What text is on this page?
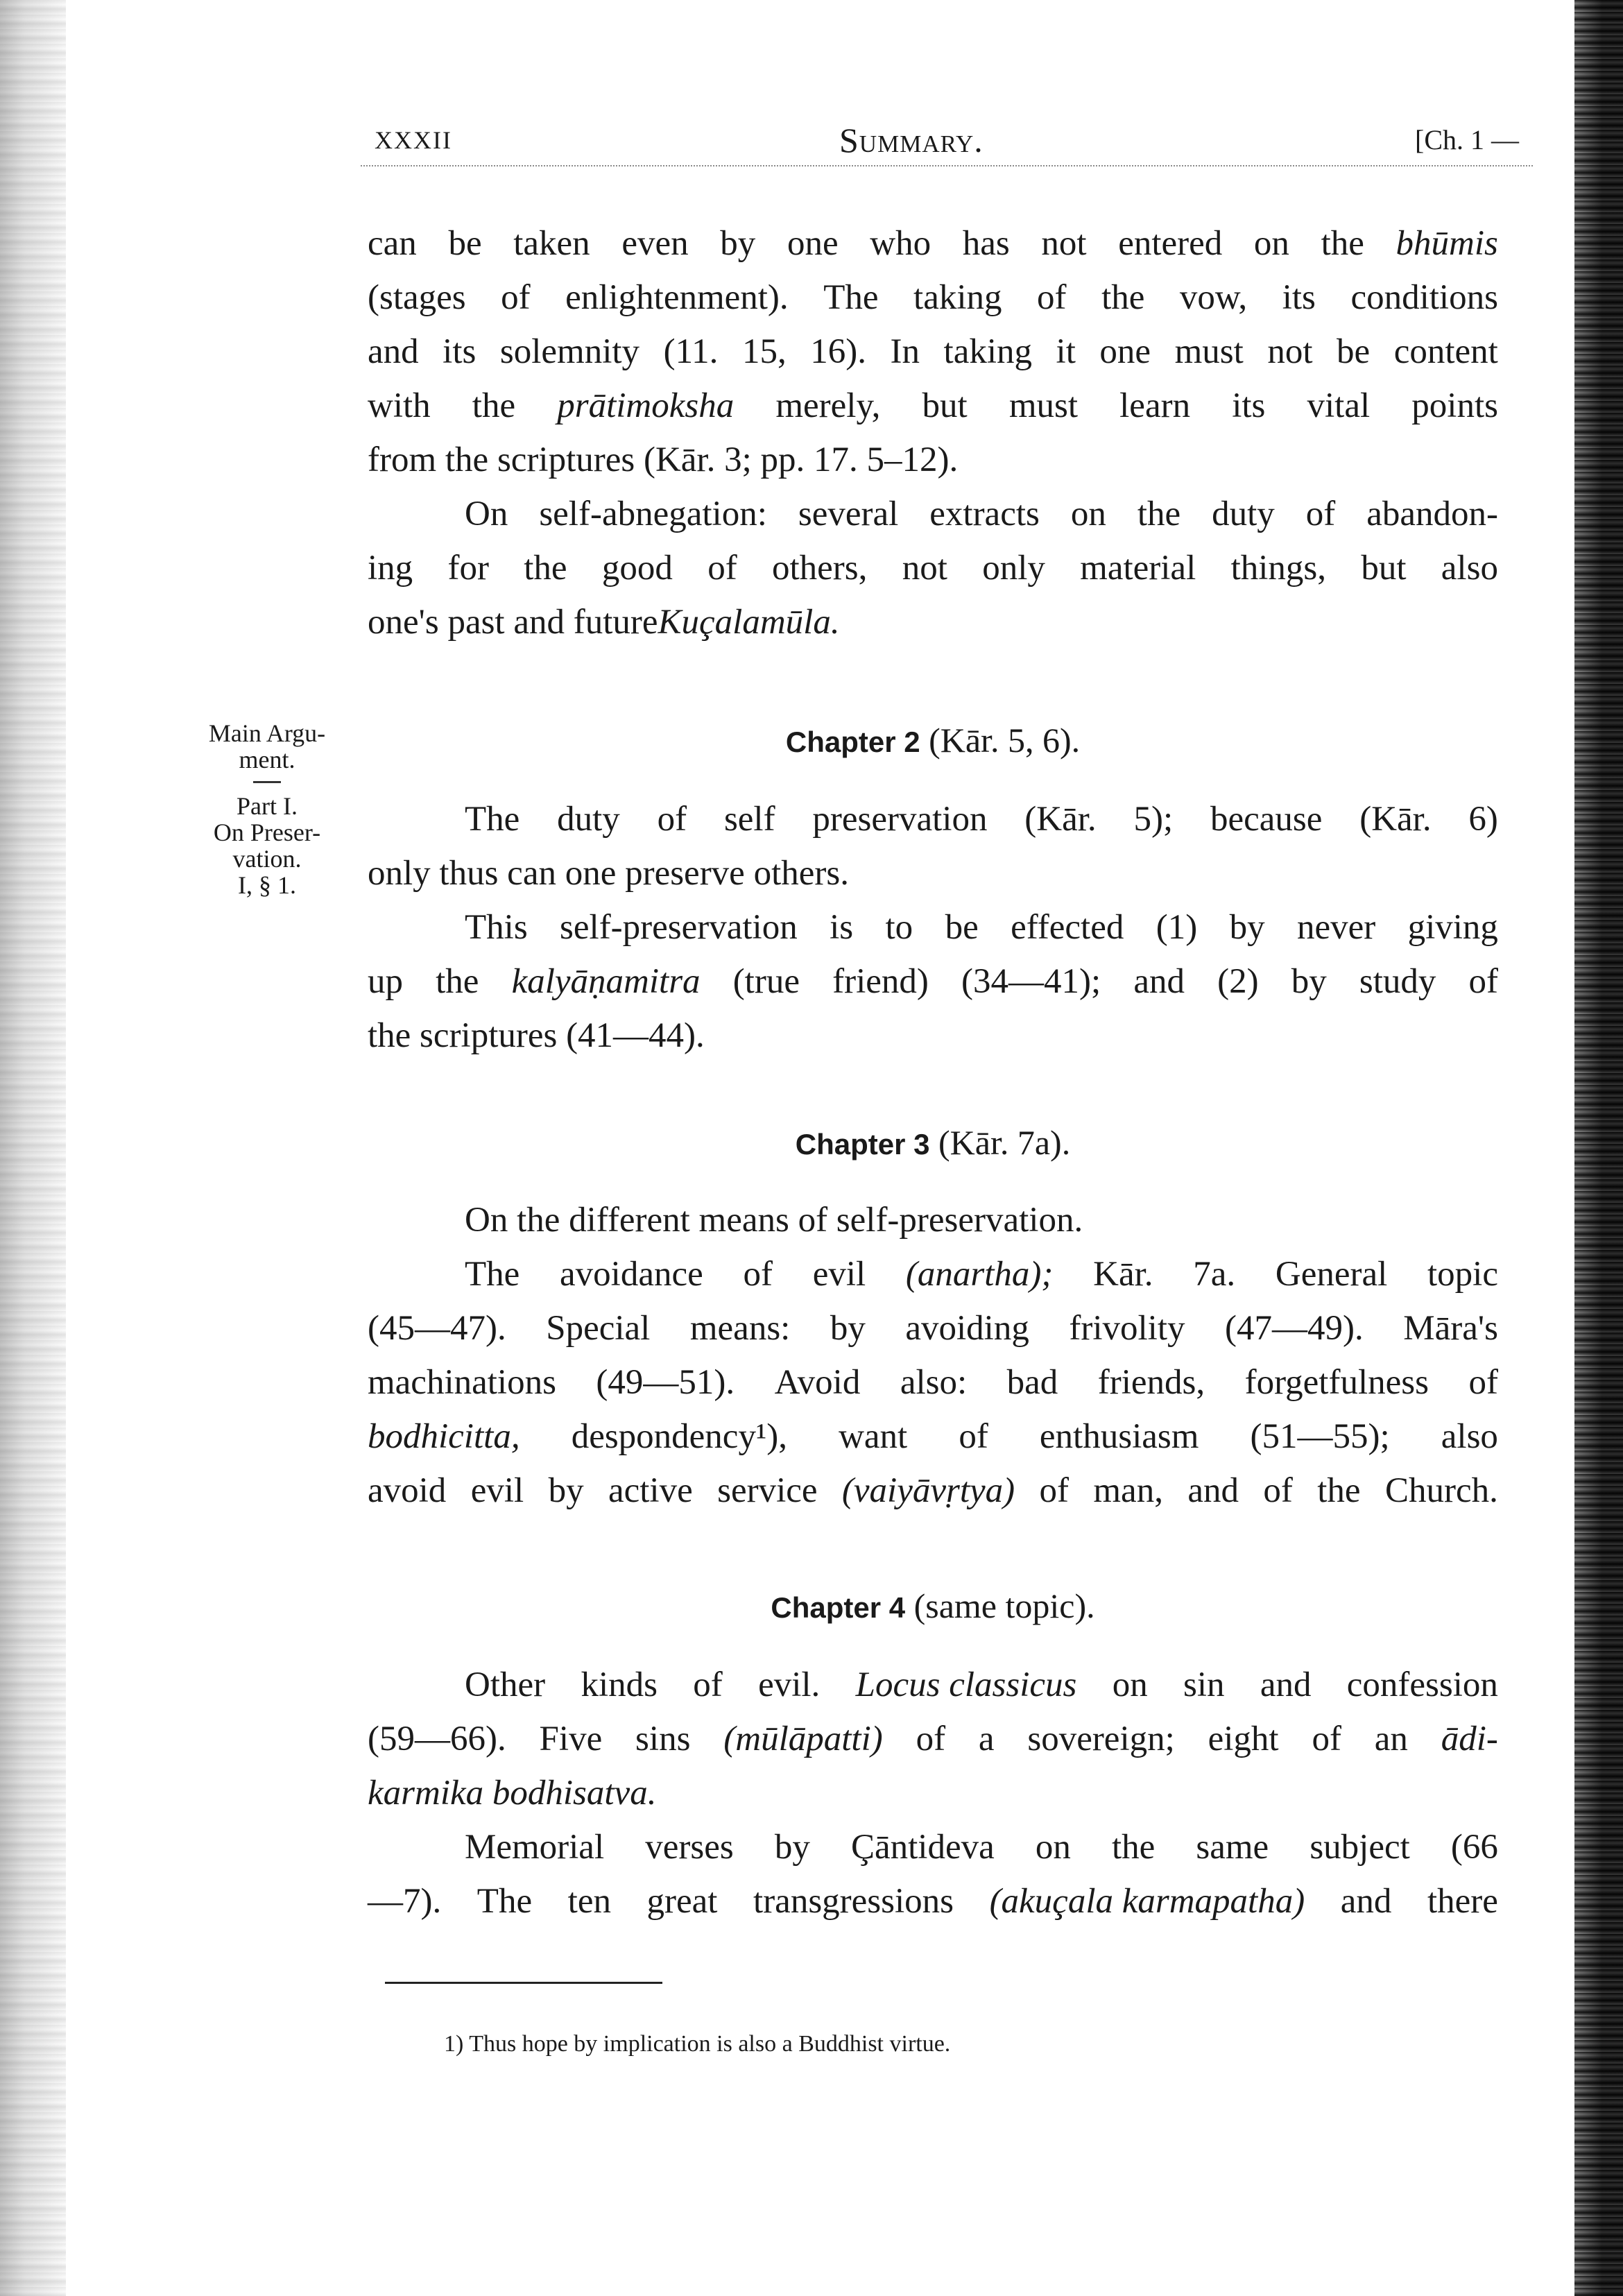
XXXII	Summary.	[Ch. 1 —
can be taken even by one who has not entered on the bhūmis
(stages of enlightenment). The taking of the vow, its conditions
and its solemnity (11. 15, 16). In taking it one must not be content
with the prātimoksha merely, but must learn its vital points
from the scriptures (Kār. 3; pp. 17. 5–12).
On self-abnegation: several extracts on the duty of abandon-
ing for the good of others, not only material things, but also
one's past and future Kuçalamūla.
Main Argu-
ment.
Part I.
On Preser-
vation.
I, § 1.
Chapter 2 (Kār. 5, 6).
The duty of self preservation (Kār. 5); because (Kār. 6)
only thus can one preserve others.
This self-preservation is to be effected (1) by never giving
up the kalyāṇamitra (true friend) (34—41); and (2) by study of
the scriptures (41—44).
Chapter 3 (Kār. 7a).
On the different means of self-preservation.
The avoidance of evil (anartha); Kār. 7a. General topic
(45—47). Special means: by avoiding frivolity (47—49). Māra's
machinations (49—51). Avoid also: bad friends, forgetfulness of
bodhicitta, despondency¹), want of enthusiasm (51—55); also
avoid evil by active service (vaiyāvṛtya) of man, and of the Church.
Chapter 4 (same topic).
Other kinds of evil. Locus classicus on sin and confession
(59—66). Five sins (mūlāpatti) of a sovereign; eight of an ādi-
karmika bodhisatva.
Memorial verses by Çāntideva on the same subject (66
—7). The ten great transgressions (akuçala karmapatha) and there
1) Thus hope by implication is also a Buddhist virtue.
